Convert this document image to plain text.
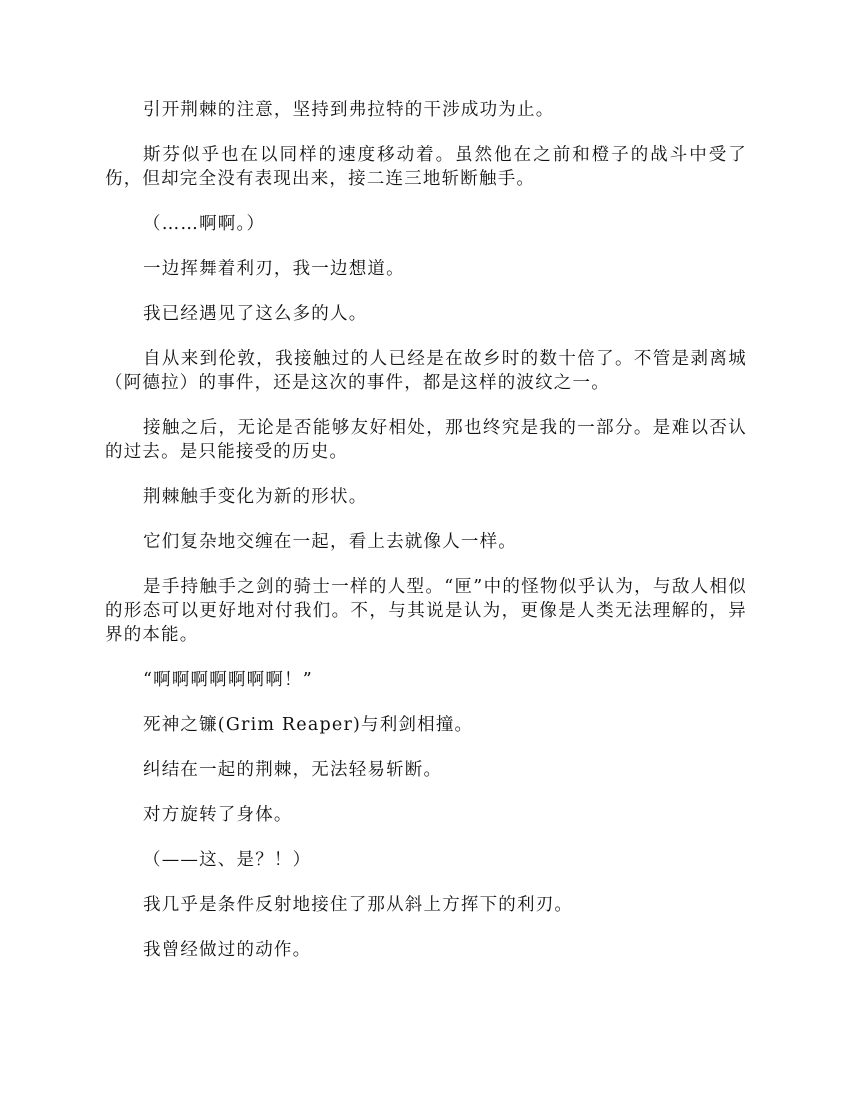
引开荆棘的注意，坚持到弗拉特的干涉成功为止。

斯芬似乎也在以同样的速度移动着。虽然他在之前和橙子的战斗中受了伤，但却完全没有表现出来，接二连三地斩断触手。

（……啊啊。）

一边挥舞着利刃，我一边想道。

我已经遇见了这么多的人。

自从来到伦敦，我接触过的人已经是在故乡时的数十倍了。不管是剥离城（阿德拉）的事件，还是这次的事件，都是这样的波纹之一。

接触之后，无论是否能够友好相处，那也终究是我的一部分。是难以否认的过去。是只能接受的历史。

荆棘触手变化为新的形状。

它们复杂地交缠在一起，看上去就像人一样。

是手持触手之剑的骑士一样的人型。“匣”中的怪物似乎认为，与敌人相似的形态可以更好地对付我们。不，与其说是认为，更像是人类无法理解的，异界的本能。

“啊啊啊啊啊啊啊！”

死神之镰(Grim Reaper)与利剑相撞。

纠结在一起的荆棘，无法轻易斩断。

对方旋转了身体。

（——这、是？！）

我几乎是条件反射地接住了那从斜上方挥下的利刃。

我曾经做过的动作。
